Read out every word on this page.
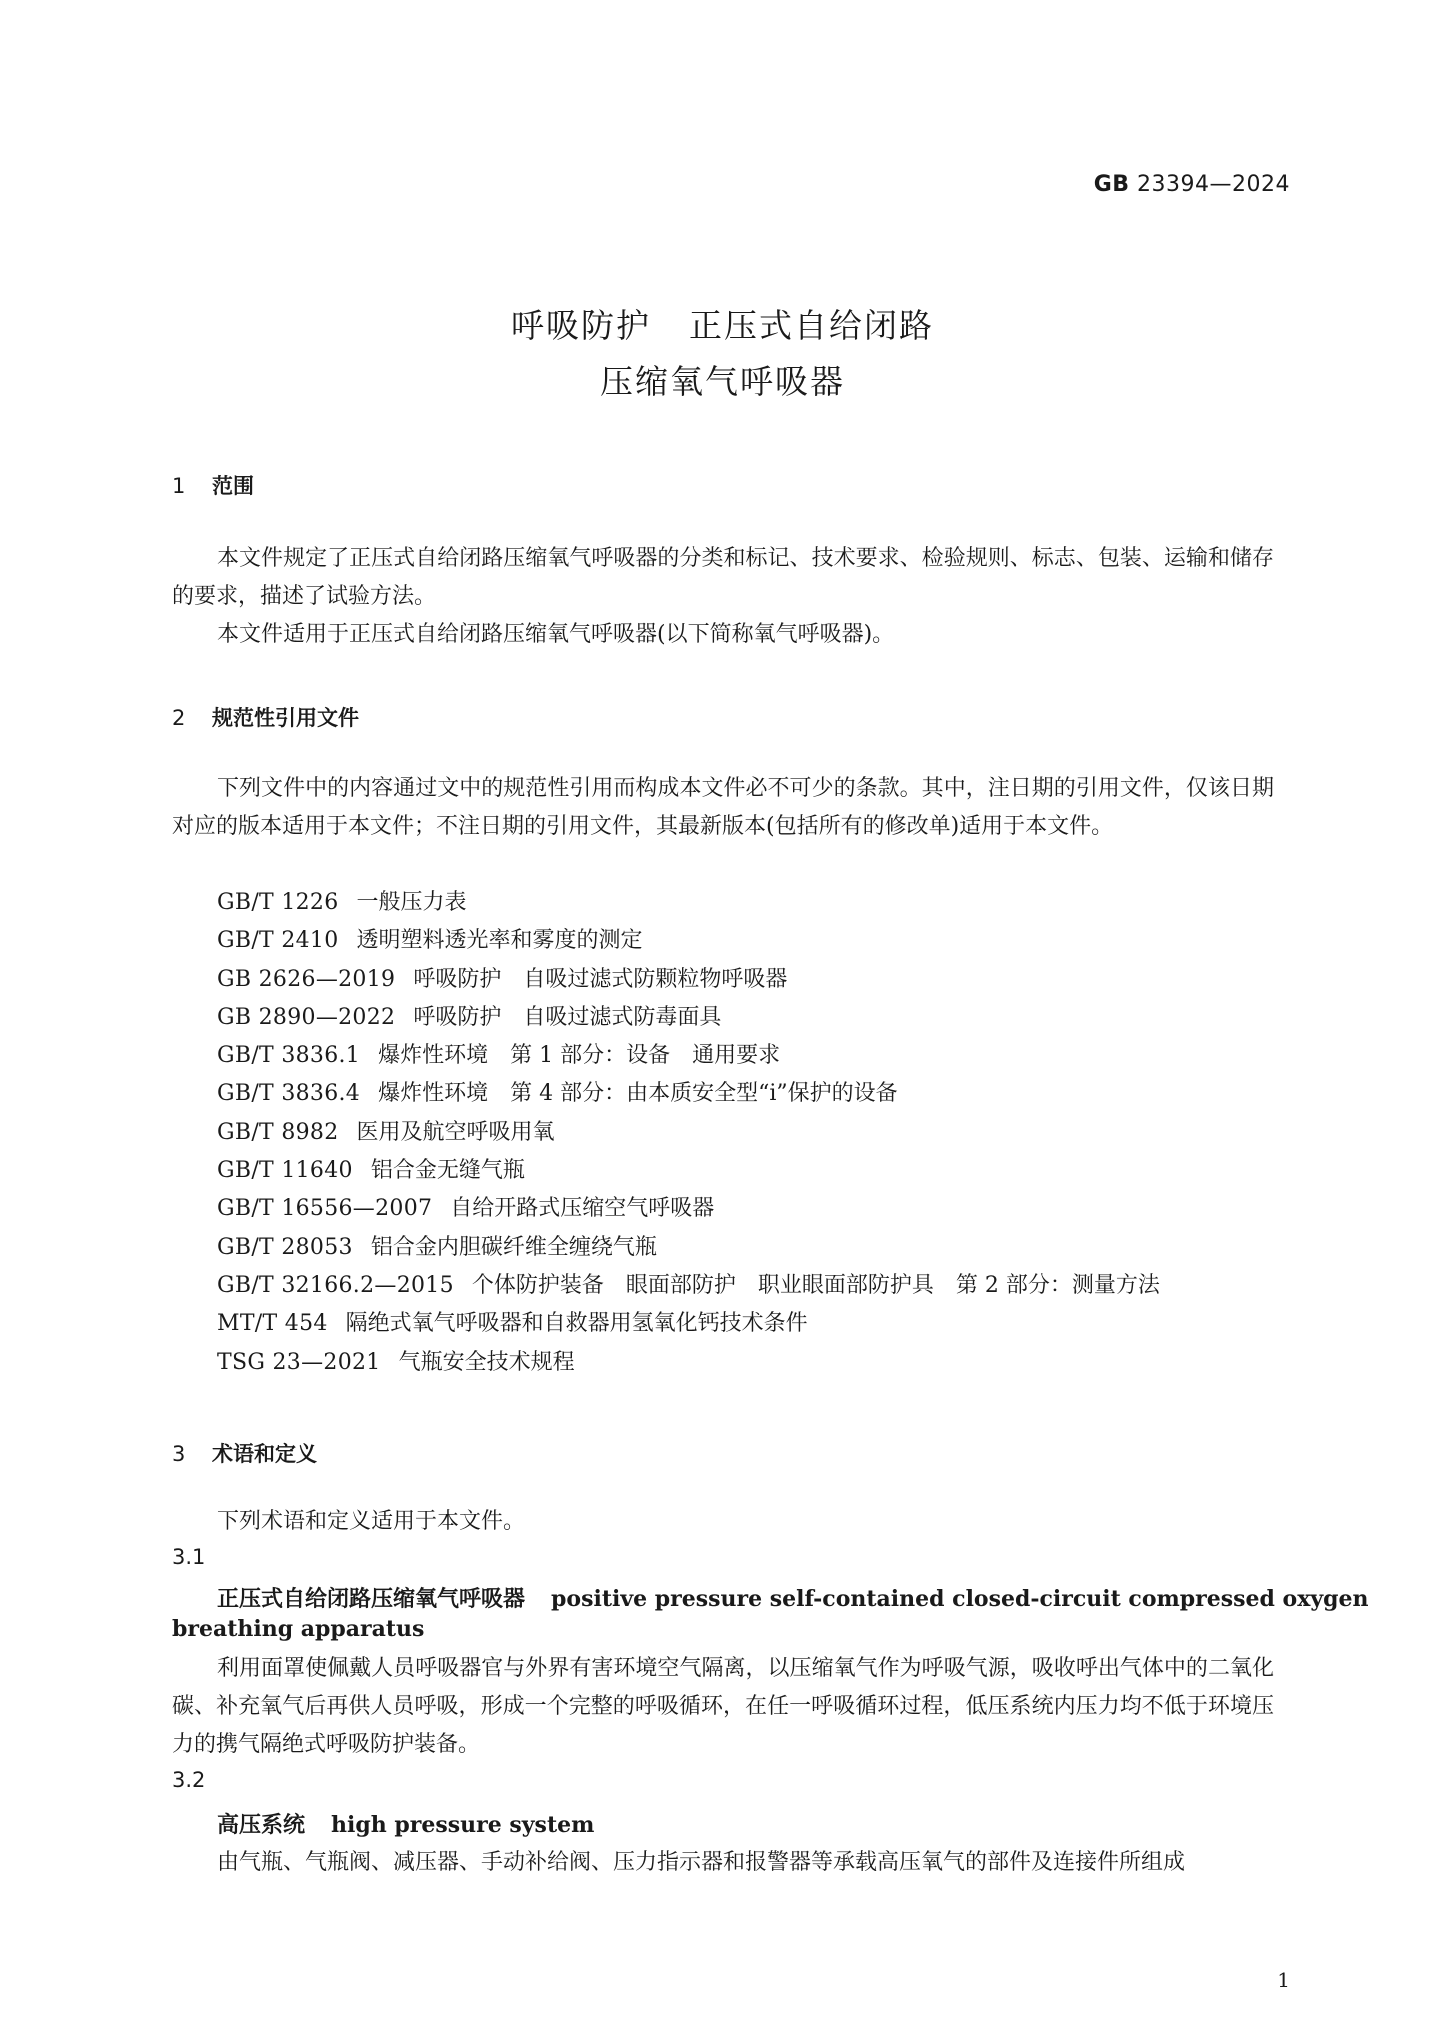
GB 23394—2024
呼吸防护 正压式自给闭路
压缩氧气呼吸器
1 范围
本文件规定了正压式自给闭路压缩氧气呼吸器的分类和标记、技术要求、检验规则、标志、包装、运输和储存的要求，描述了试验方法。
本文件适用于正压式自给闭路压缩氧气呼吸器(以下简称氧气呼吸器)。
2 规范性引用文件
下列文件中的内容通过文中的规范性引用而构成本文件必不可少的条款。其中，注日期的引用文件，仅该日期对应的版本适用于本文件；不注日期的引用文件，其最新版本(包括所有的修改单)适用于本文件。
GB/T 1226 一般压力表
GB/T 2410 透明塑料透光率和雾度的测定
GB 2626—2019 呼吸防护　自吸过滤式防颗粒物呼吸器
GB 2890—2022 呼吸防护　自吸过滤式防毒面具
GB/T 3836.1 爆炸性环境　第 1 部分：设备　通用要求
GB/T 3836.4 爆炸性环境　第 4 部分：由本质安全型“i”保护的设备
GB/T 8982 医用及航空呼吸用氧
GB/T 11640 铝合金无缝气瓶
GB/T 16556—2007 自给开路式压缩空气呼吸器
GB/T 28053 铝合金内胆碳纤维全缠绕气瓶
GB/T 32166.2—2015 个体防护装备　眼面部防护　职业眼面部防护具　第 2 部分：测量方法
MT/T 454 隔绝式氧气呼吸器和自救器用氢氧化钙技术条件
TSG 23—2021 气瓶安全技术规程
3 术语和定义
下列术语和定义适用于本文件。
3.1
正压式自给闭路压缩氧气呼吸器 positive pressure self-contained closed-circuit compressed oxygen
breathing apparatus
利用面罩使佩戴人员呼吸器官与外界有害环境空气隔离，以压缩氧气作为呼吸气源，吸收呼出气体中的二氧化碳、补充氧气后再供人员呼吸，形成一个完整的呼吸循环，在任一呼吸循环过程，低压系统内压力均不低于环境压力的携气隔绝式呼吸防护装备。
3.2
高压系统 high pressure system
由气瓶、气瓶阀、减压器、手动补给阀、压力指示器和报警器等承载高压氧气的部件及连接件所组成
1
